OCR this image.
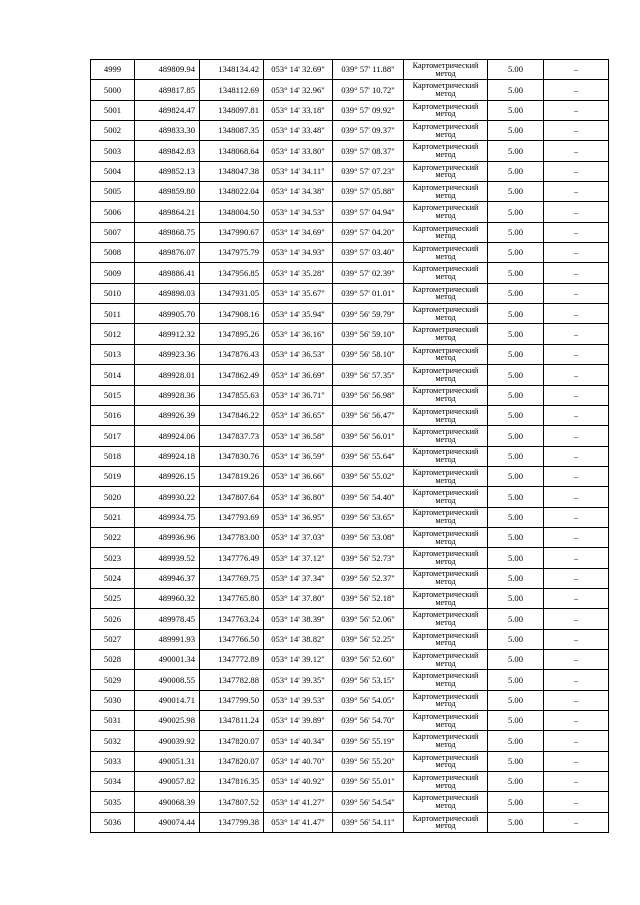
4999	489809.94	1348134.42	053° 14' 32.69"	039° 57' 11.88"	Картометрический метод	5.00	–
5000	489817.85	1348112.69	053° 14' 32.96"	039° 57' 10.72"	Картометрический метод	5.00	–
5001	489824.47	1348097.81	053° 14' 33.18"	039° 57' 09.92"	Картометрический метод	5.00	–
5002	489833.30	1348087.35	053° 14' 33.48"	039° 57' 09.37"	Картометрический метод	5.00	–
5003	489842.83	1348068.64	053° 14' 33.80"	039° 57' 08.37"	Картометрический метод	5.00	–
5004	489852.13	1348047.38	053° 14' 34.11"	039° 57' 07.23"	Картометрический метод	5.00	–
5005	489859.80	1348022.04	053° 14' 34.38"	039° 57' 05.88"	Картометрический метод	5.00	–
5006	489864.21	1348004.50	053° 14' 34.53"	039° 57' 04.94"	Картометрический метод	5.00	–
5007	489868.75	1347990.67	053° 14' 34.69"	039° 57' 04.20"	Картометрический метод	5.00	–
5008	489876.07	1347975.79	053° 14' 34.93"	039° 57' 03.40"	Картометрический метод	5.00	–
5009	489886.41	1347956.85	053° 14' 35.28"	039° 57' 02.39"	Картометрический метод	5.00	–
5010	489898.03	1347931.05	053° 14' 35.67"	039° 57' 01.01"	Картометрический метод	5.00	–
5011	489905.70	1347908.16	053° 14' 35.94"	039° 56' 59.79"	Картометрический метод	5.00	–
5012	489912.32	1347895.26	053° 14' 36.16"	039° 56' 59.10"	Картометрический метод	5.00	–
5013	489923.36	1347876.43	053° 14' 36.53"	039° 56' 58.10"	Картометрический метод	5.00	–
5014	489928.01	1347862.49	053° 14' 36.69"	039° 56' 57.35"	Картометрический метод	5.00	–
5015	489928.36	1347855.63	053° 14' 36.71"	039° 56' 56.98"	Картометрический метод	5.00	–
5016	489926.39	1347846.22	053° 14' 36.65"	039° 56' 56.47"	Картометрический метод	5.00	–
5017	489924.06	1347837.73	053° 14' 36.58"	039° 56' 56.01"	Картометрический метод	5.00	–
5018	489924.18	1347830.76	053° 14' 36.59"	039° 56' 55.64"	Картометрический метод	5.00	–
5019	489926.15	1347819.26	053° 14' 36.66"	039° 56' 55.02"	Картометрический метод	5.00	–
5020	489930.22	1347807.64	053° 14' 36.80"	039° 56' 54.40"	Картометрический метод	5.00	–
5021	489934.75	1347793.69	053° 14' 36.95"	039° 56' 53.65"	Картометрический метод	5.00	–
5022	489936.96	1347783.00	053° 14' 37.03"	039° 56' 53.08"	Картометрический метод	5.00	–
5023	489939.52	1347776.49	053° 14' 37.12"	039° 56' 52.73"	Картометрический метод	5.00	–
5024	489946.37	1347769.75	053° 14' 37.34"	039° 56' 52.37"	Картометрический метод	5.00	–
5025	489960.32	1347765.80	053° 14' 37.80"	039° 56' 52.18"	Картометрический метод	5.00	–
5026	489978.45	1347763.24	053° 14' 38.39"	039° 56' 52.06"	Картометрический метод	5.00	–
5027	489991.93	1347766.50	053° 14' 38.82"	039° 56' 52.25"	Картометрический метод	5.00	–
5028	490001.34	1347772.89	053° 14' 39.12"	039° 56' 52.60"	Картометрический метод	5.00	–
5029	490008.55	1347782.88	053° 14' 39.35"	039° 56' 53.15"	Картометрический метод	5.00	–
5030	490014.71	1347799.50	053° 14' 39.53"	039° 56' 54.05"	Картометрический метод	5.00	–
5031	490025.98	1347811.24	053° 14' 39.89"	039° 56' 54.70"	Картометрический метод	5.00	–
5032	490039.92	1347820.07	053° 14' 40.34"	039° 56' 55.19"	Картометрический метод	5.00	–
5033	490051.31	1347820.07	053° 14' 40.70"	039° 56' 55.20"	Картометрический метод	5.00	–
5034	490057.82	1347816.35	053° 14' 40.92"	039° 56' 55.01"	Картометрический метод	5.00	–
5035	490068.39	1347807.52	053° 14' 41.27"	039° 56' 54.54"	Картометрический метод	5.00	–
5036	490074.44	1347799.38	053° 14' 41.47"	039° 56' 54.11"	Картометрический метод	5.00	–
